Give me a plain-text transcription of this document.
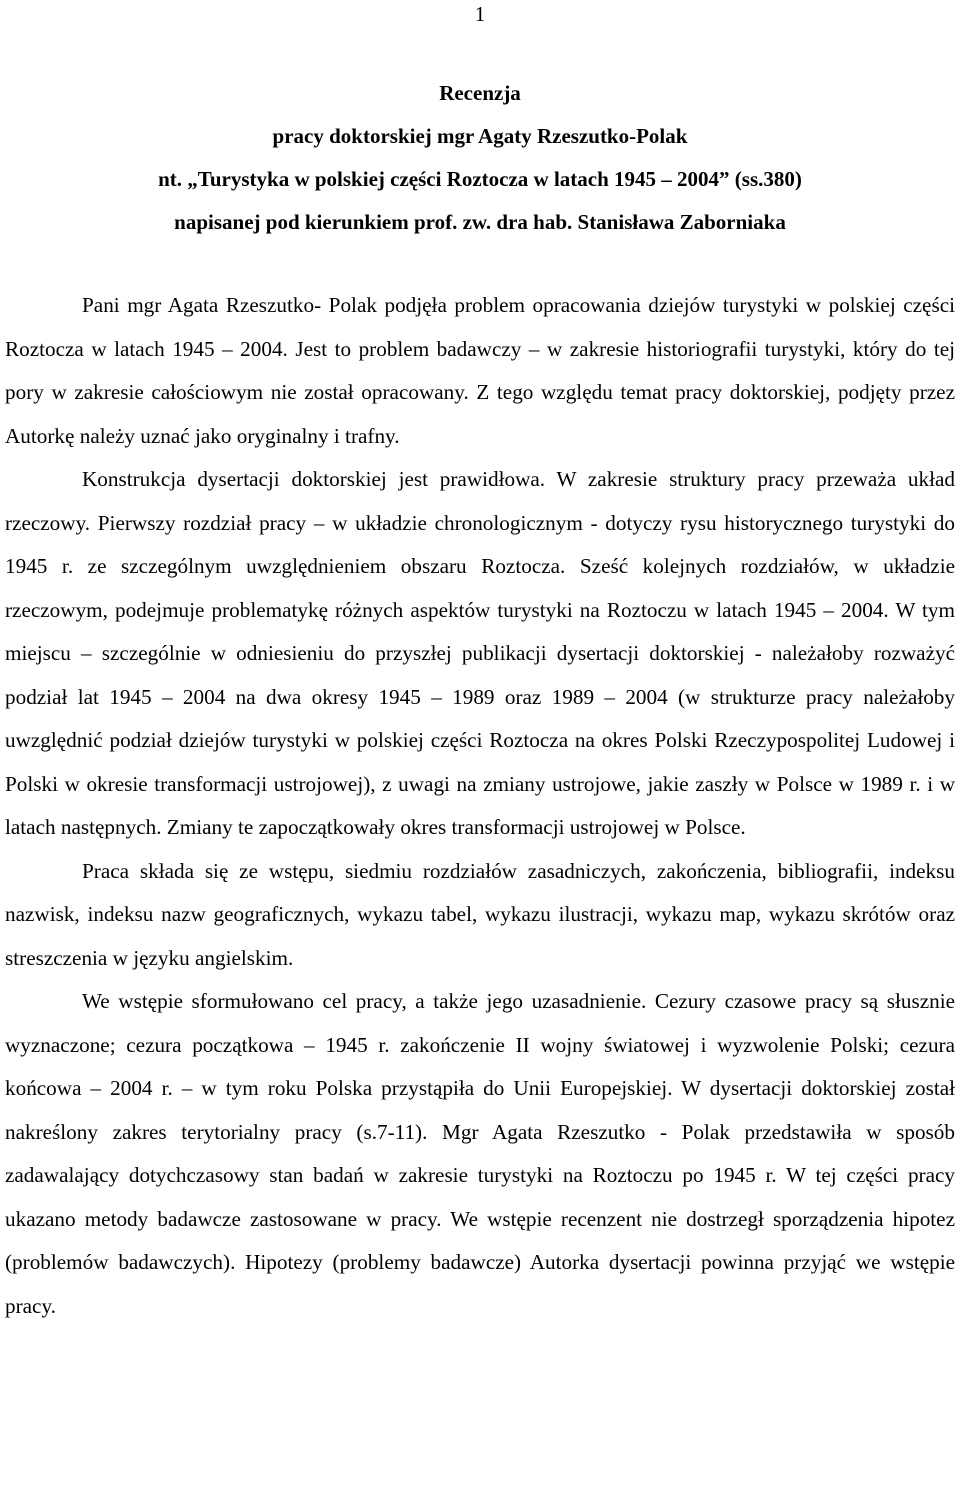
1
Recenzja
pracy doktorskiej mgr Agaty Rzeszutko-Polak
nt. „Turystyka w polskiej części Roztocza w latach 1945 – 2004” (ss.380)
napisanej pod kierunkiem prof. zw. dra hab. Stanisława Zaborniaka

Pani mgr Agata Rzeszutko- Polak podjęła problem opracowania dziejów turystyki w polskiej części Roztocza w latach 1945 – 2004. Jest to problem badawczy – w zakresie historiografii turystyki, który do tej pory w zakresie całościowym nie został opracowany. Z tego względu temat pracy doktorskiej, podjęty przez Autorkę należy uznać jako oryginalny i trafny.

Konstrukcja dysertacji doktorskiej jest prawidłowa. W zakresie struktury pracy przeważa układ rzeczowy. Pierwszy rozdział pracy – w układzie chronologicznym - dotyczy rysu historycznego turystyki do 1945 r. ze szczególnym uwzględnieniem obszaru Roztocza. Sześć kolejnych rozdziałów, w układzie rzeczowym, podejmuje problematykę różnych aspektów turystyki na Roztoczu w latach 1945 – 2004. W tym miejscu – szczególnie w odniesieniu do przyszłej publikacji dysertacji doktorskiej - należałoby rozważyć podział lat 1945 – 2004 na dwa okresy 1945 – 1989 oraz 1989 – 2004 (w strukturze pracy należałoby uwzględnić podział dziejów turystyki w polskiej części Roztocza na okres Polski Rzeczypospolitej Ludowej i Polski w okresie transformacji ustrojowej), z uwagi na zmiany ustrojowe, jakie zaszły w Polsce w 1989 r. i w latach następnych. Zmiany te zapoczątkowały okres transformacji ustrojowej w Polsce.

Praca składa się ze wstępu, siedmiu rozdziałów zasadniczych, zakończenia, bibliografii, indeksu nazwisk, indeksu nazw geograficznych, wykazu tabel, wykazu ilustracji, wykazu map, wykazu skrótów oraz streszczenia w języku angielskim.

We wstępie sformułowano cel pracy, a także jego uzasadnienie. Cezury czasowe pracy są słusznie wyznaczone; cezura początkowa – 1945 r. zakończenie II wojny światowej i wyzwolenie Polski; cezura końcowa – 2004 r. – w tym roku Polska przystąpiła do Unii Europejskiej. W dysertacji doktorskiej został nakreślony zakres terytorialny pracy (s.7-11). Mgr Agata Rzeszutko - Polak przedstawiła w sposób zadawalający dotychczasowy stan badań w zakresie turystyki na Roztoczu po 1945 r. W tej części pracy ukazano metody badawcze zastosowane w pracy. We wstępie recenzent nie dostrzegł sporządzenia hipotez (problemów badawczych). Hipotezy (problemy badawcze) Autorka dysertacji powinna przyjąć we wstępie pracy.
